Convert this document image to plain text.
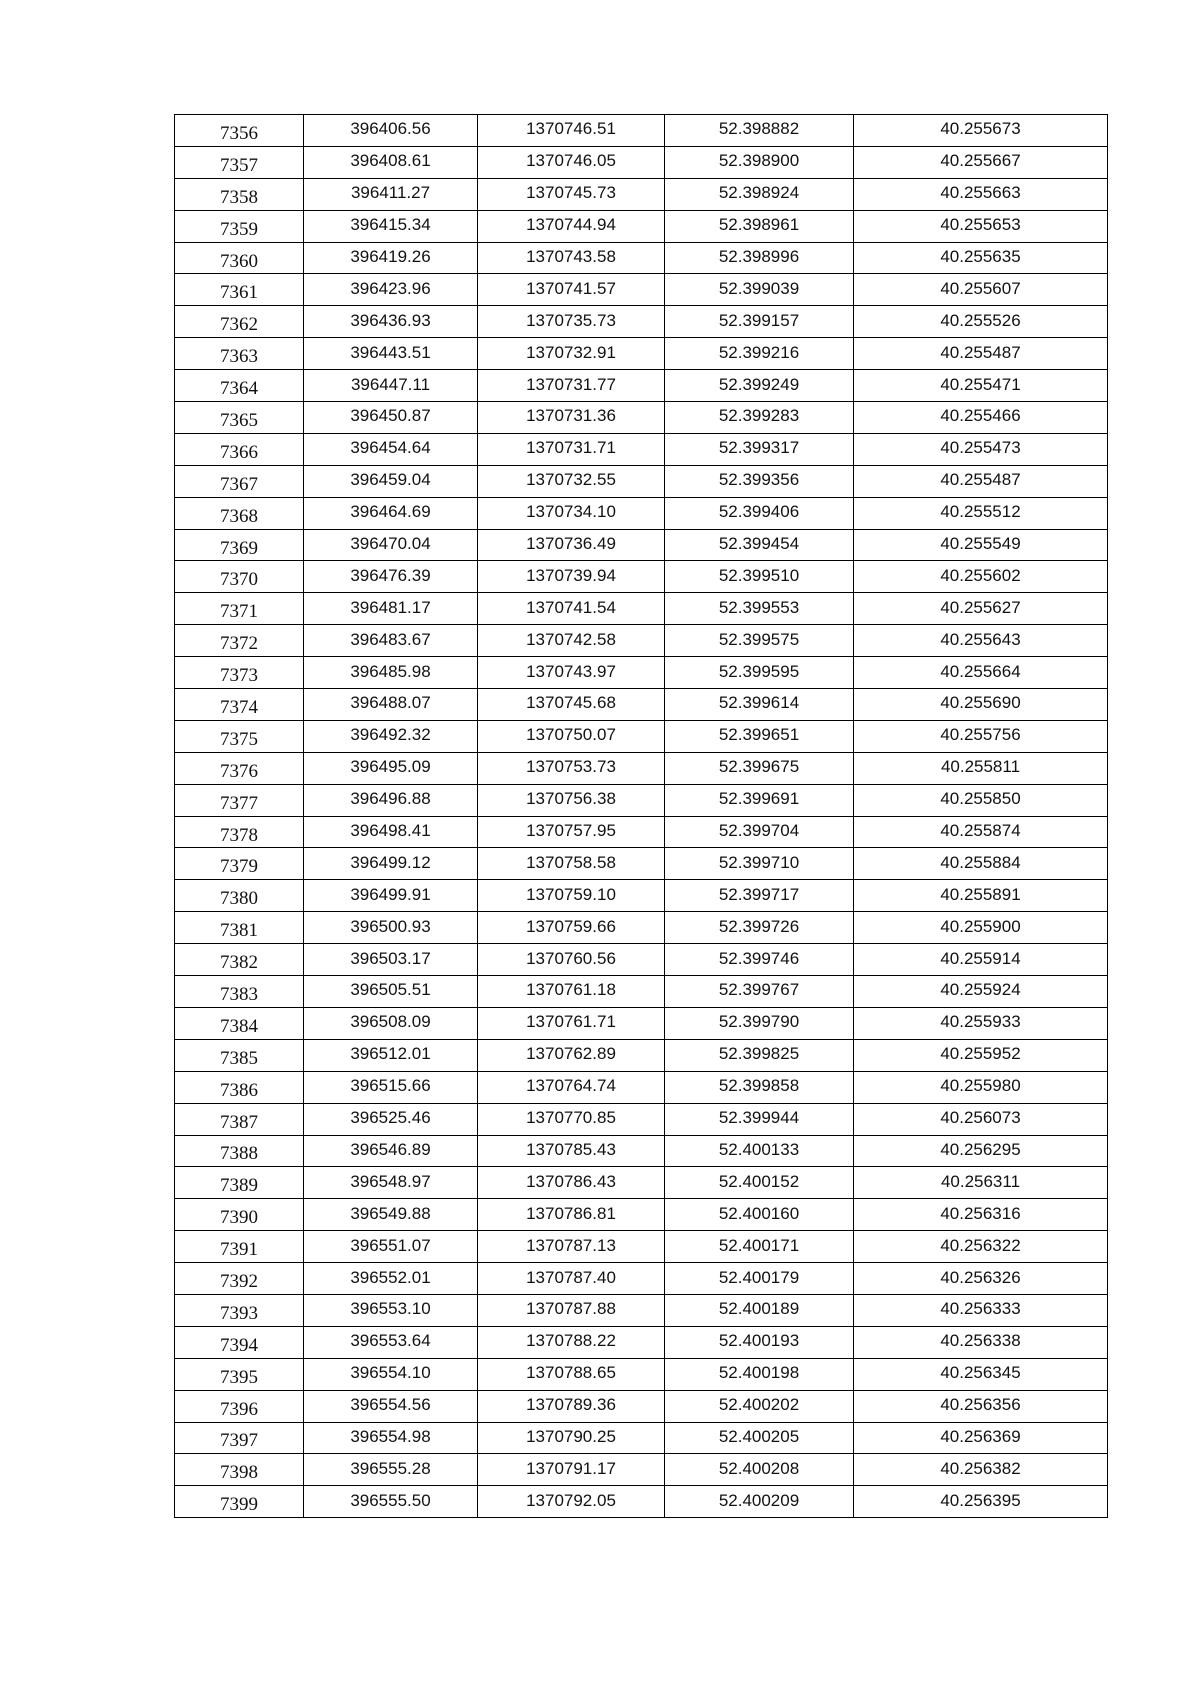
7356	396406.56	1370746.51	52.398882	40.255673
7357	396408.61	1370746.05	52.398900	40.255667
7358	396411.27	1370745.73	52.398924	40.255663
7359	396415.34	1370744.94	52.398961	40.255653
7360	396419.26	1370743.58	52.398996	40.255635
7361	396423.96	1370741.57	52.399039	40.255607
7362	396436.93	1370735.73	52.399157	40.255526
7363	396443.51	1370732.91	52.399216	40.255487
7364	396447.11	1370731.77	52.399249	40.255471
7365	396450.87	1370731.36	52.399283	40.255466
7366	396454.64	1370731.71	52.399317	40.255473
7367	396459.04	1370732.55	52.399356	40.255487
7368	396464.69	1370734.10	52.399406	40.255512
7369	396470.04	1370736.49	52.399454	40.255549
7370	396476.39	1370739.94	52.399510	40.255602
7371	396481.17	1370741.54	52.399553	40.255627
7372	396483.67	1370742.58	52.399575	40.255643
7373	396485.98	1370743.97	52.399595	40.255664
7374	396488.07	1370745.68	52.399614	40.255690
7375	396492.32	1370750.07	52.399651	40.255756
7376	396495.09	1370753.73	52.399675	40.255811
7377	396496.88	1370756.38	52.399691	40.255850
7378	396498.41	1370757.95	52.399704	40.255874
7379	396499.12	1370758.58	52.399710	40.255884
7380	396499.91	1370759.10	52.399717	40.255891
7381	396500.93	1370759.66	52.399726	40.255900
7382	396503.17	1370760.56	52.399746	40.255914
7383	396505.51	1370761.18	52.399767	40.255924
7384	396508.09	1370761.71	52.399790	40.255933
7385	396512.01	1370762.89	52.399825	40.255952
7386	396515.66	1370764.74	52.399858	40.255980
7387	396525.46	1370770.85	52.399944	40.256073
7388	396546.89	1370785.43	52.400133	40.256295
7389	396548.97	1370786.43	52.400152	40.256311
7390	396549.88	1370786.81	52.400160	40.256316
7391	396551.07	1370787.13	52.400171	40.256322
7392	396552.01	1370787.40	52.400179	40.256326
7393	396553.10	1370787.88	52.400189	40.256333
7394	396553.64	1370788.22	52.400193	40.256338
7395	396554.10	1370788.65	52.400198	40.256345
7396	396554.56	1370789.36	52.400202	40.256356
7397	396554.98	1370790.25	52.400205	40.256369
7398	396555.28	1370791.17	52.400208	40.256382
7399	396555.50	1370792.05	52.400209	40.256395
